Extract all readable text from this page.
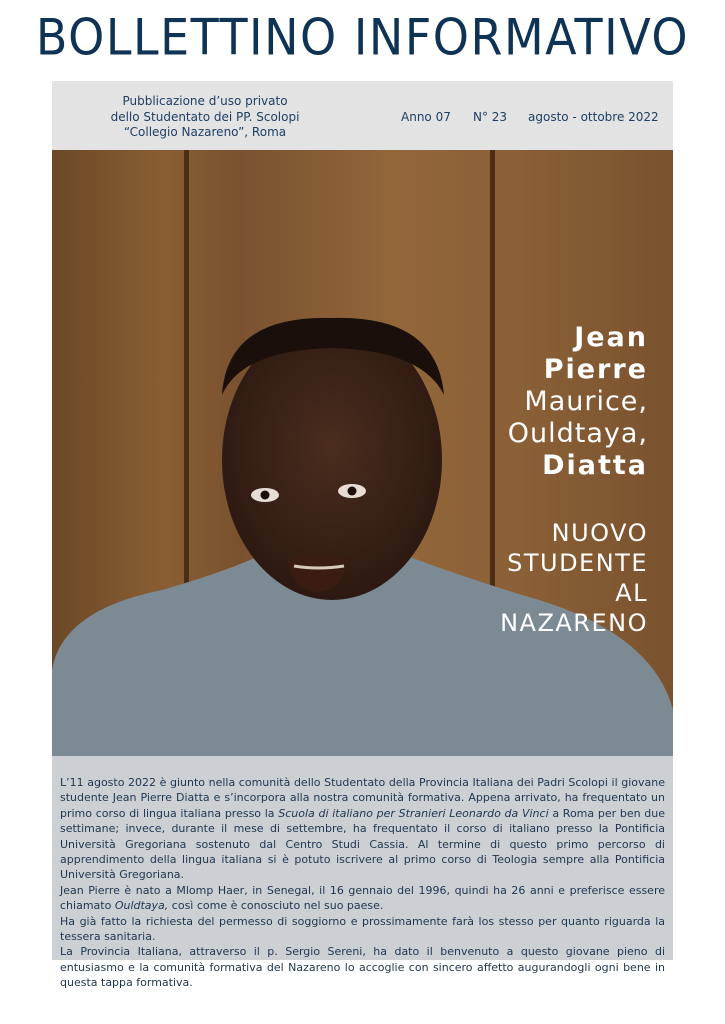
BOLLETTINO INFORMATIVO
Pubblicazione d’uso privato
dello Studentato dei PP. Scolopi
“Collegio Nazareno”, Roma
Anno 07 N° 23 agosto - ottobre 2022
Jean
Pierre
Maurice,
Ouldtaya,
Diatta
NUOVO
STUDENTE
AL
NAZARENO

L’11 agosto 2022 è giunto nella comunità dello Studentato della Provincia Italiana dei Padri Scolopi il giovane studente Jean Pierre Diatta e s’incorpora alla nostra comunità formativa. Appena arrivato, ha frequentato un primo corso di lingua italiana presso la Scuola di italiano per Stranieri Leonardo da Vinci a Roma per ben due settimane; invece, durante il mese di settembre, ha frequentato il corso di italiano presso la Pontificia Università Gregoriana sostenuto dal Centro Studi Cassia. Al termine di questo primo percorso di apprendimento della lingua italiana si è potuto iscrivere al primo corso di Teologia sempre alla Pontificia Università Gregoriana.

Jean Pierre è nato a Mlomp Haer, in Senegal, il 16 gennaio del 1996, quindi ha 26 anni e preferisce essere chiamato Ouldtaya, così come è conosciuto nel suo paese.

Ha già fatto la richiesta del permesso di soggiorno e prossimamente farà los stesso per quanto riguarda la tessera sanitaria.

La Provincia Italiana, attraverso il p. Sergio Sereni, ha dato il benvenuto a questo giovane pieno di entusiasmo e la comunità formativa del Nazareno lo accoglie con sincero affetto augurandogli ogni bene in questa tappa formativa.
